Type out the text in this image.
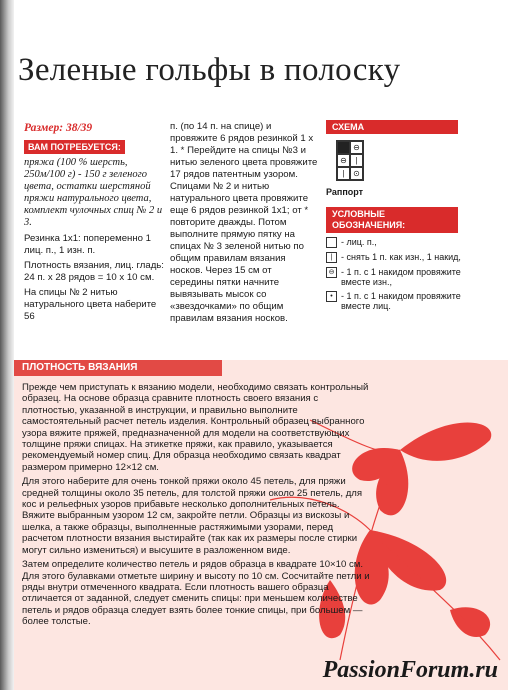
Зеленые гольфы в полоску
Размер: 38/39
ВАМ ПОТРЕБУЕТСЯ:
пряжа (100 % шерсть, 250м/100 г) - 150 г зеленого цвета, остатки шерстяной пряжи натурального цвета, комплект чулочных спиц № 2 и 3.

Резинка 1х1: попеременно 1 лиц. п., 1 изн. п.

Плотность вязания, лиц. гладь: 24 п. х 28 рядов = 10 х 10 см.

На спицы № 2 нитью натурального цвета наберите 56

п. (по 14 п. на спице) и провяжите 6 рядов резинкой 1 х 1. * Перейдите на спицы №3 и нитью зеленого цвета провяжите 17 рядов патентным узором. Спицами № 2 и нитью натурального цвета провяжите еще 6 рядов резинкой 1х1; от * повторите дважды. Потом выполните прямую пятку на спицах № 3 зеленой нитью по общим правилам вязания носков. Через 15 см от середины пятки начните вывязывать мысок со «звездочками» по общим правилам вязания носков.

СХЕМА
⊖
⊖	|
|	⊙
Раппорт
УСЛОВНЫЕ ОБОЗНАЧЕНИЯ:
- лиц. п.,
| - снять 1 п. как изн., 1 накид,
⊖ - 1 п. с 1 накидом провяжите вместе изн.,
• - 1 п. с 1 накидом провяжите вместе лиц.
ПЛОТНОСТЬ ВЯЗАНИЯ

Прежде чем приступать к вязанию модели, необходимо связать контрольный образец. На основе образца сравните плотность своего вязания с плотностью, указанной в инструкции, и правильно выполните самостоятельный расчет петель изделия. Контрольный образец выбранного узора вяжите пряжей, предназначенной для модели на соответствующих толщине пряжи спицах. На этикетке пряжи, как правило, указывается рекомендуемый номер спиц. Для образца необходимо связать квадрат размером примерно 12×12 см.

Для этого наберите для очень тонкой пряжи около 45 петель, для пряжи средней толщины около 35 петель, для толстой пряжи около 25 петель, для кос и рельефных узоров прибавьте несколько дополнительных петель. Вяжите выбранным узором 12 см, закройте петли. Образцы из вискозы и шелка, а также образцы, выполненные растяжимыми узорами, перед расчетом плотности вязания выстирайте (так как их размеры после стирки могут сильно измениться) и высушите в разложенном виде.

Затем определите количество петель и рядов образца в квадрате 10×10 см. Для этого булавками отметьте ширину и высоту по 10 см. Сосчитайте петли и ряды внутри отмеченного квадрата. Если плотность вашего образца отличается от заданной, следует сменить спицы: при меньшем количестве петель и рядов образца следует взять более тонкие спицы, при большем — более толстые.

PassionForum.ru
